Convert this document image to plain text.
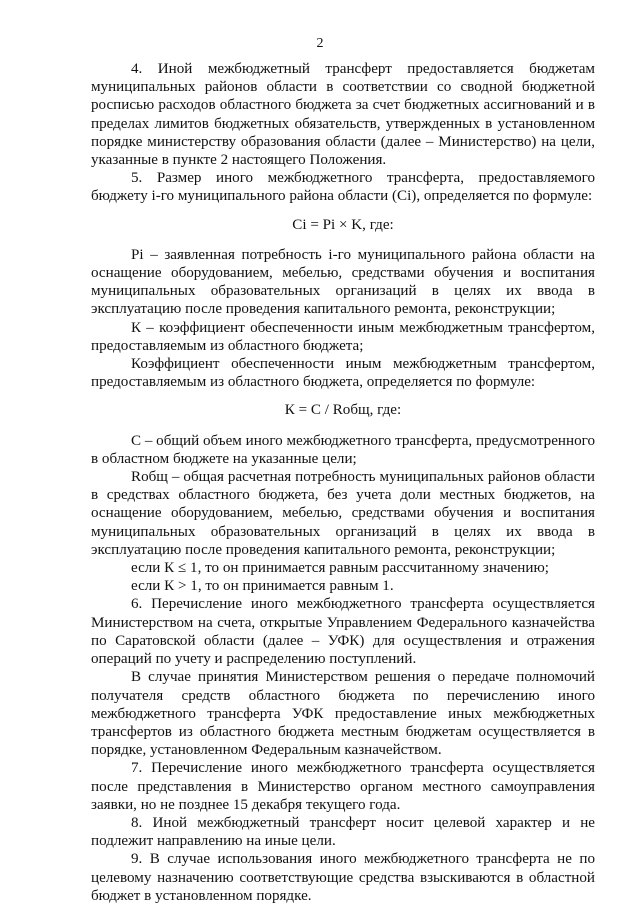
2

4. Иной межбюджетный трансферт предоставляется бюджетам муниципальных районов области в соответствии со сводной бюджетной росписью расходов областного бюджета за счет бюджетных ассигнований и в пределах лимитов бюджетных обязательств, утвержденных в установленном порядке министерству образования области (далее – Министерство) на цели, указанные в пункте 2 настоящего Положения.

5. Размер иного межбюджетного трансферта, предоставляемого бюджету i-го муниципального района области (Ci), определяется по формуле:

Ci = Pi × K, где:

Pi – заявленная потребность i-го муниципального района области на оснащение оборудованием, мебелью, средствами обучения и воспитания муниципальных образовательных организаций в целях их ввода в эксплуатацию после проведения капитального ремонта, реконструкции;

К – коэффициент обеспеченности иным межбюджетным трансфертом, предоставляемым из областного бюджета;

Коэффициент обеспеченности иным межбюджетным трансфертом, предоставляемым из областного бюджета, определяется по формуле:

К = С / Rобщ, где:

С – общий объем иного межбюджетного трансферта, предусмотренного в областном бюджете на указанные цели;

Rобщ – общая расчетная потребность муниципальных районов области в средствах областного бюджета, без учета доли местных бюджетов, на оснащение оборудованием, мебелью, средствами обучения и воспитания муниципальных образовательных организаций в целях их ввода в эксплуатацию после проведения капитального ремонта, реконструкции;

если К ≤ 1, то он принимается равным рассчитанному значению;

если К > 1, то он принимается равным 1.

6. Перечисление иного межбюджетного трансферта осуществляется Министерством на счета, открытые Управлением Федерального казначейства по Саратовской области (далее – УФК) для осуществления и отражения операций по учету и распределению поступлений.

В случае принятия Министерством решения о передаче полномочий получателя средств областного бюджета по перечислению иного межбюджетного трансферта УФК предоставление иных межбюджетных трансфертов из областного бюджета местным бюджетам осуществляется в порядке, установленном Федеральным казначейством.

7. Перечисление иного межбюджетного трансферта осуществляется после представления в Министерство органом местного самоуправления заявки, но не позднее 15 декабря текущего года.

8. Иной межбюджетный трансферт носит целевой характер и не подлежит направлению на иные цели.

9. В случае использования иного межбюджетного трансферта не по целевому назначению соответствующие средства взыскиваются в областной бюджет в установленном порядке.
